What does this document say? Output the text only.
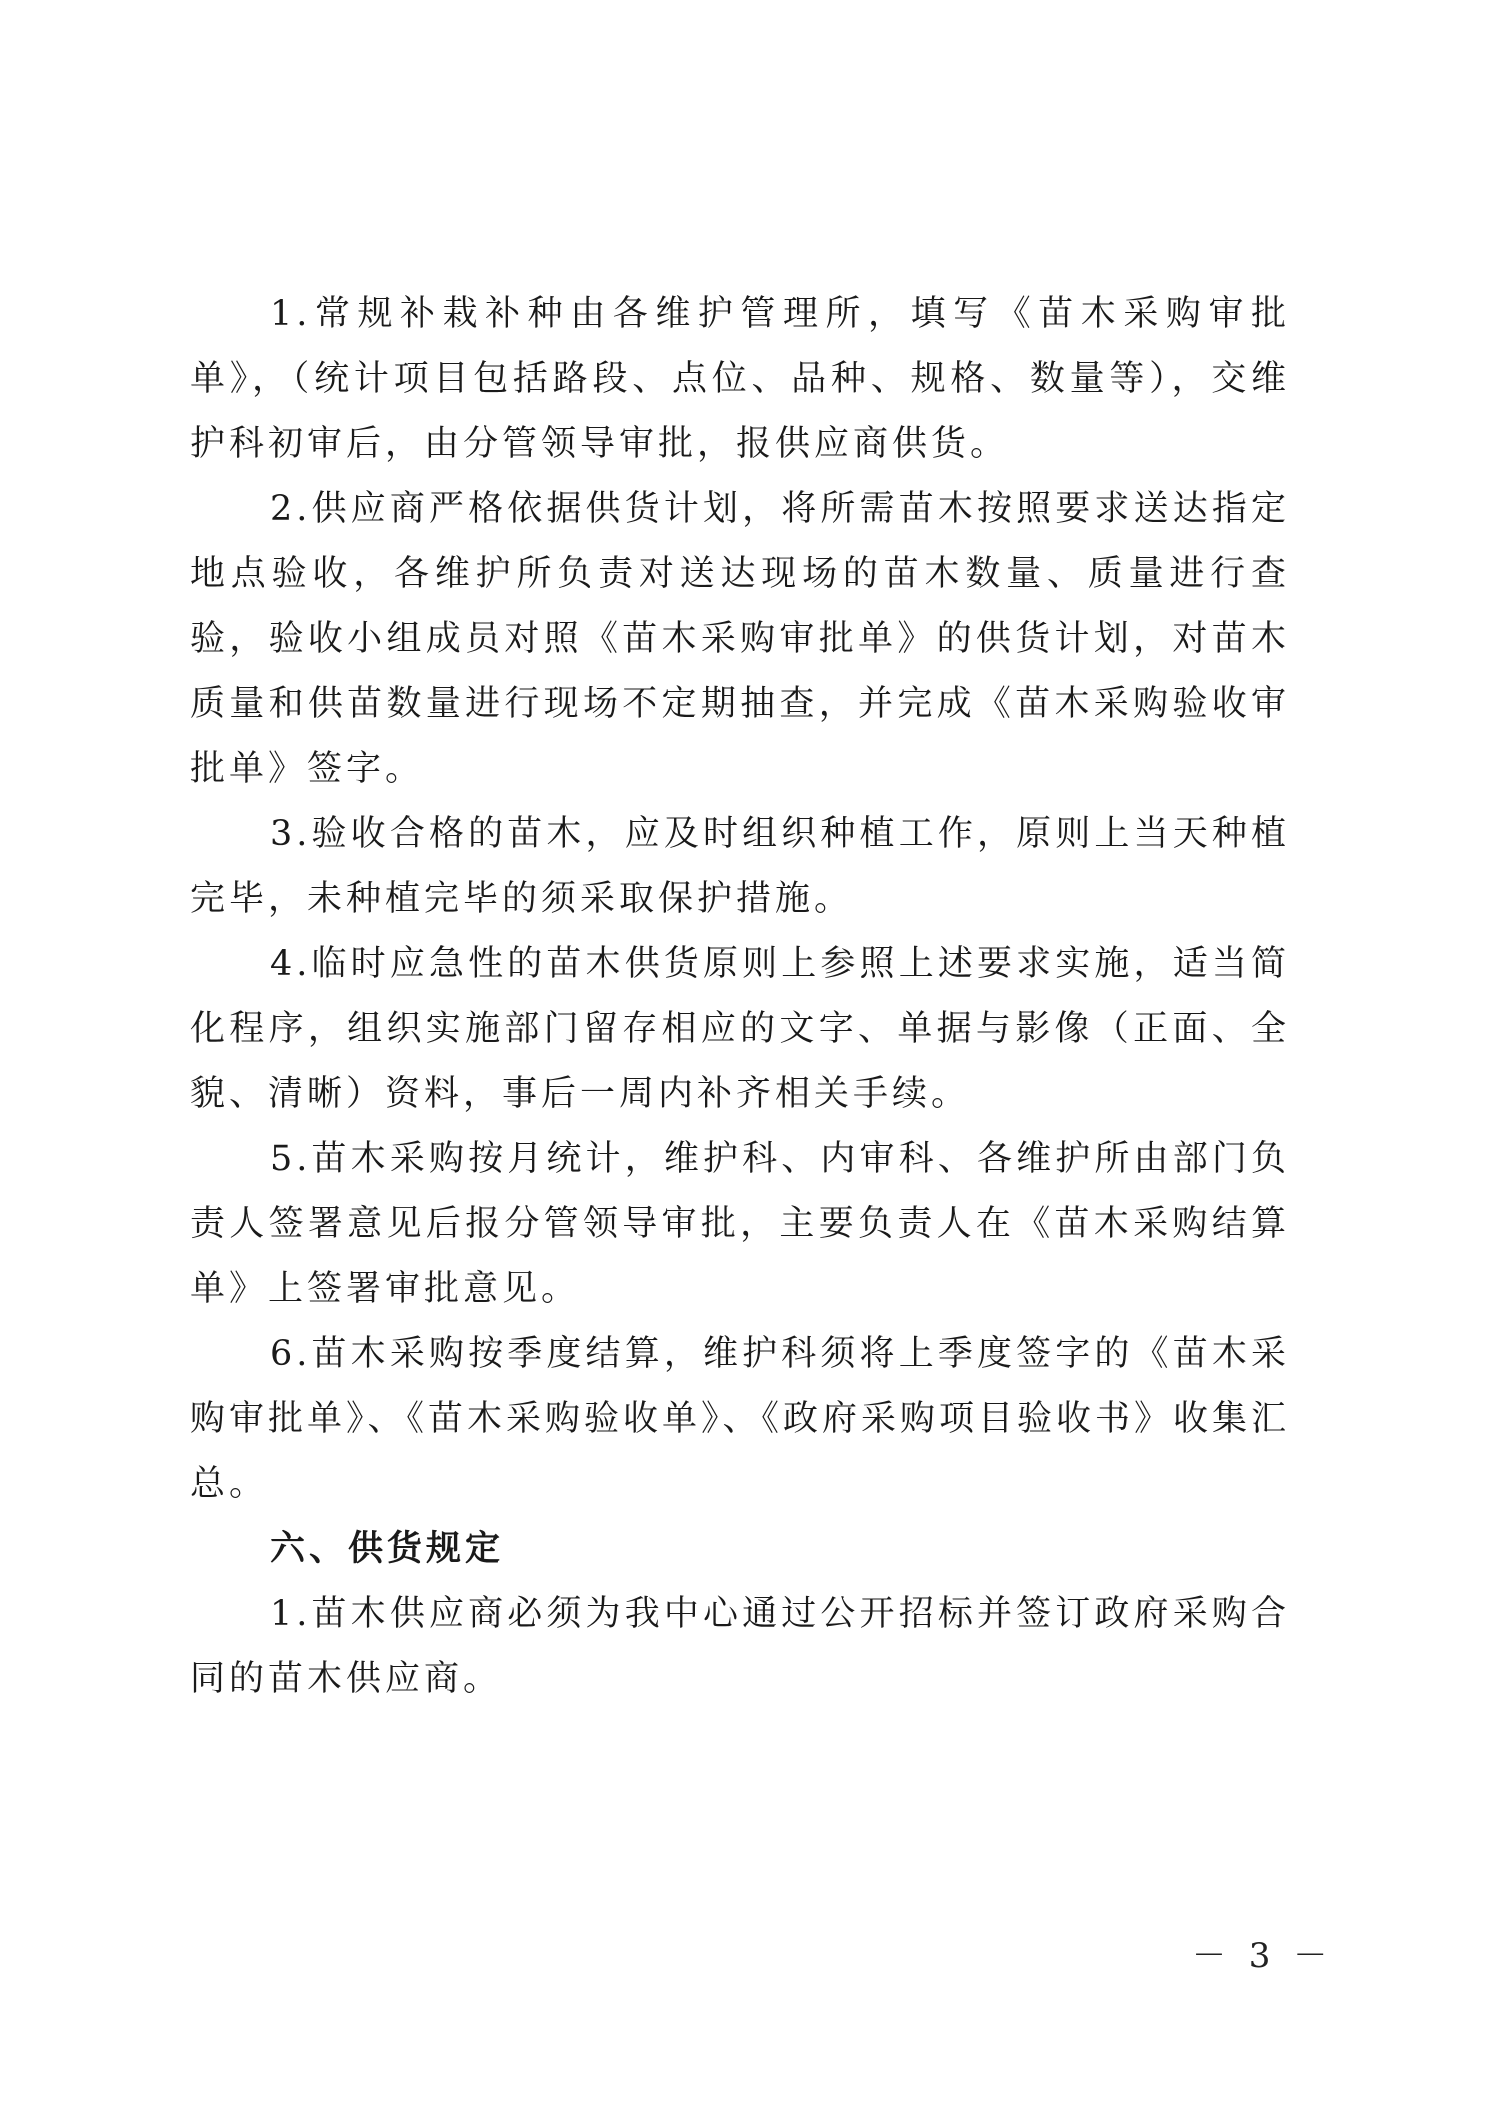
1.常规补栽补种由各维护管理所，填写《苗木采购审批单》，（统计项目包括路段、点位、品种、规格、数量等），交维护科初审后，由分管领导审批，报供应商供货。

2.供应商严格依据供货计划，将所需苗木按照要求送达指定地点验收，各维护所负责对送达现场的苗木数量、质量进行查验，验收小组成员对照《苗木采购审批单》的供货计划，对苗木质量和供苗数量进行现场不定期抽查，并完成《苗木采购验收审批单》签字。

3.验收合格的苗木，应及时组织种植工作，原则上当天种植完毕，未种植完毕的须采取保护措施。

4.临时应急性的苗木供货原则上参照上述要求实施，适当简化程序，组织实施部门留存相应的文字、单据与影像（正面、全貌、清晰）资料，事后一周内补齐相关手续。

5.苗木采购按月统计，维护科、内审科、各维护所由部门负责人签署意见后报分管领导审批，主要负责人在《苗木采购结算单》上签署审批意见。

6.苗木采购按季度结算，维护科须将上季度签字的《苗木采购审批单》、《苗木采购验收单》、《政府采购项目验收书》收集汇总。

六、供货规定

1.苗木供应商必须为我中心通过公开招标并签订政府采购合同的苗木供应商。

－ 3 －
